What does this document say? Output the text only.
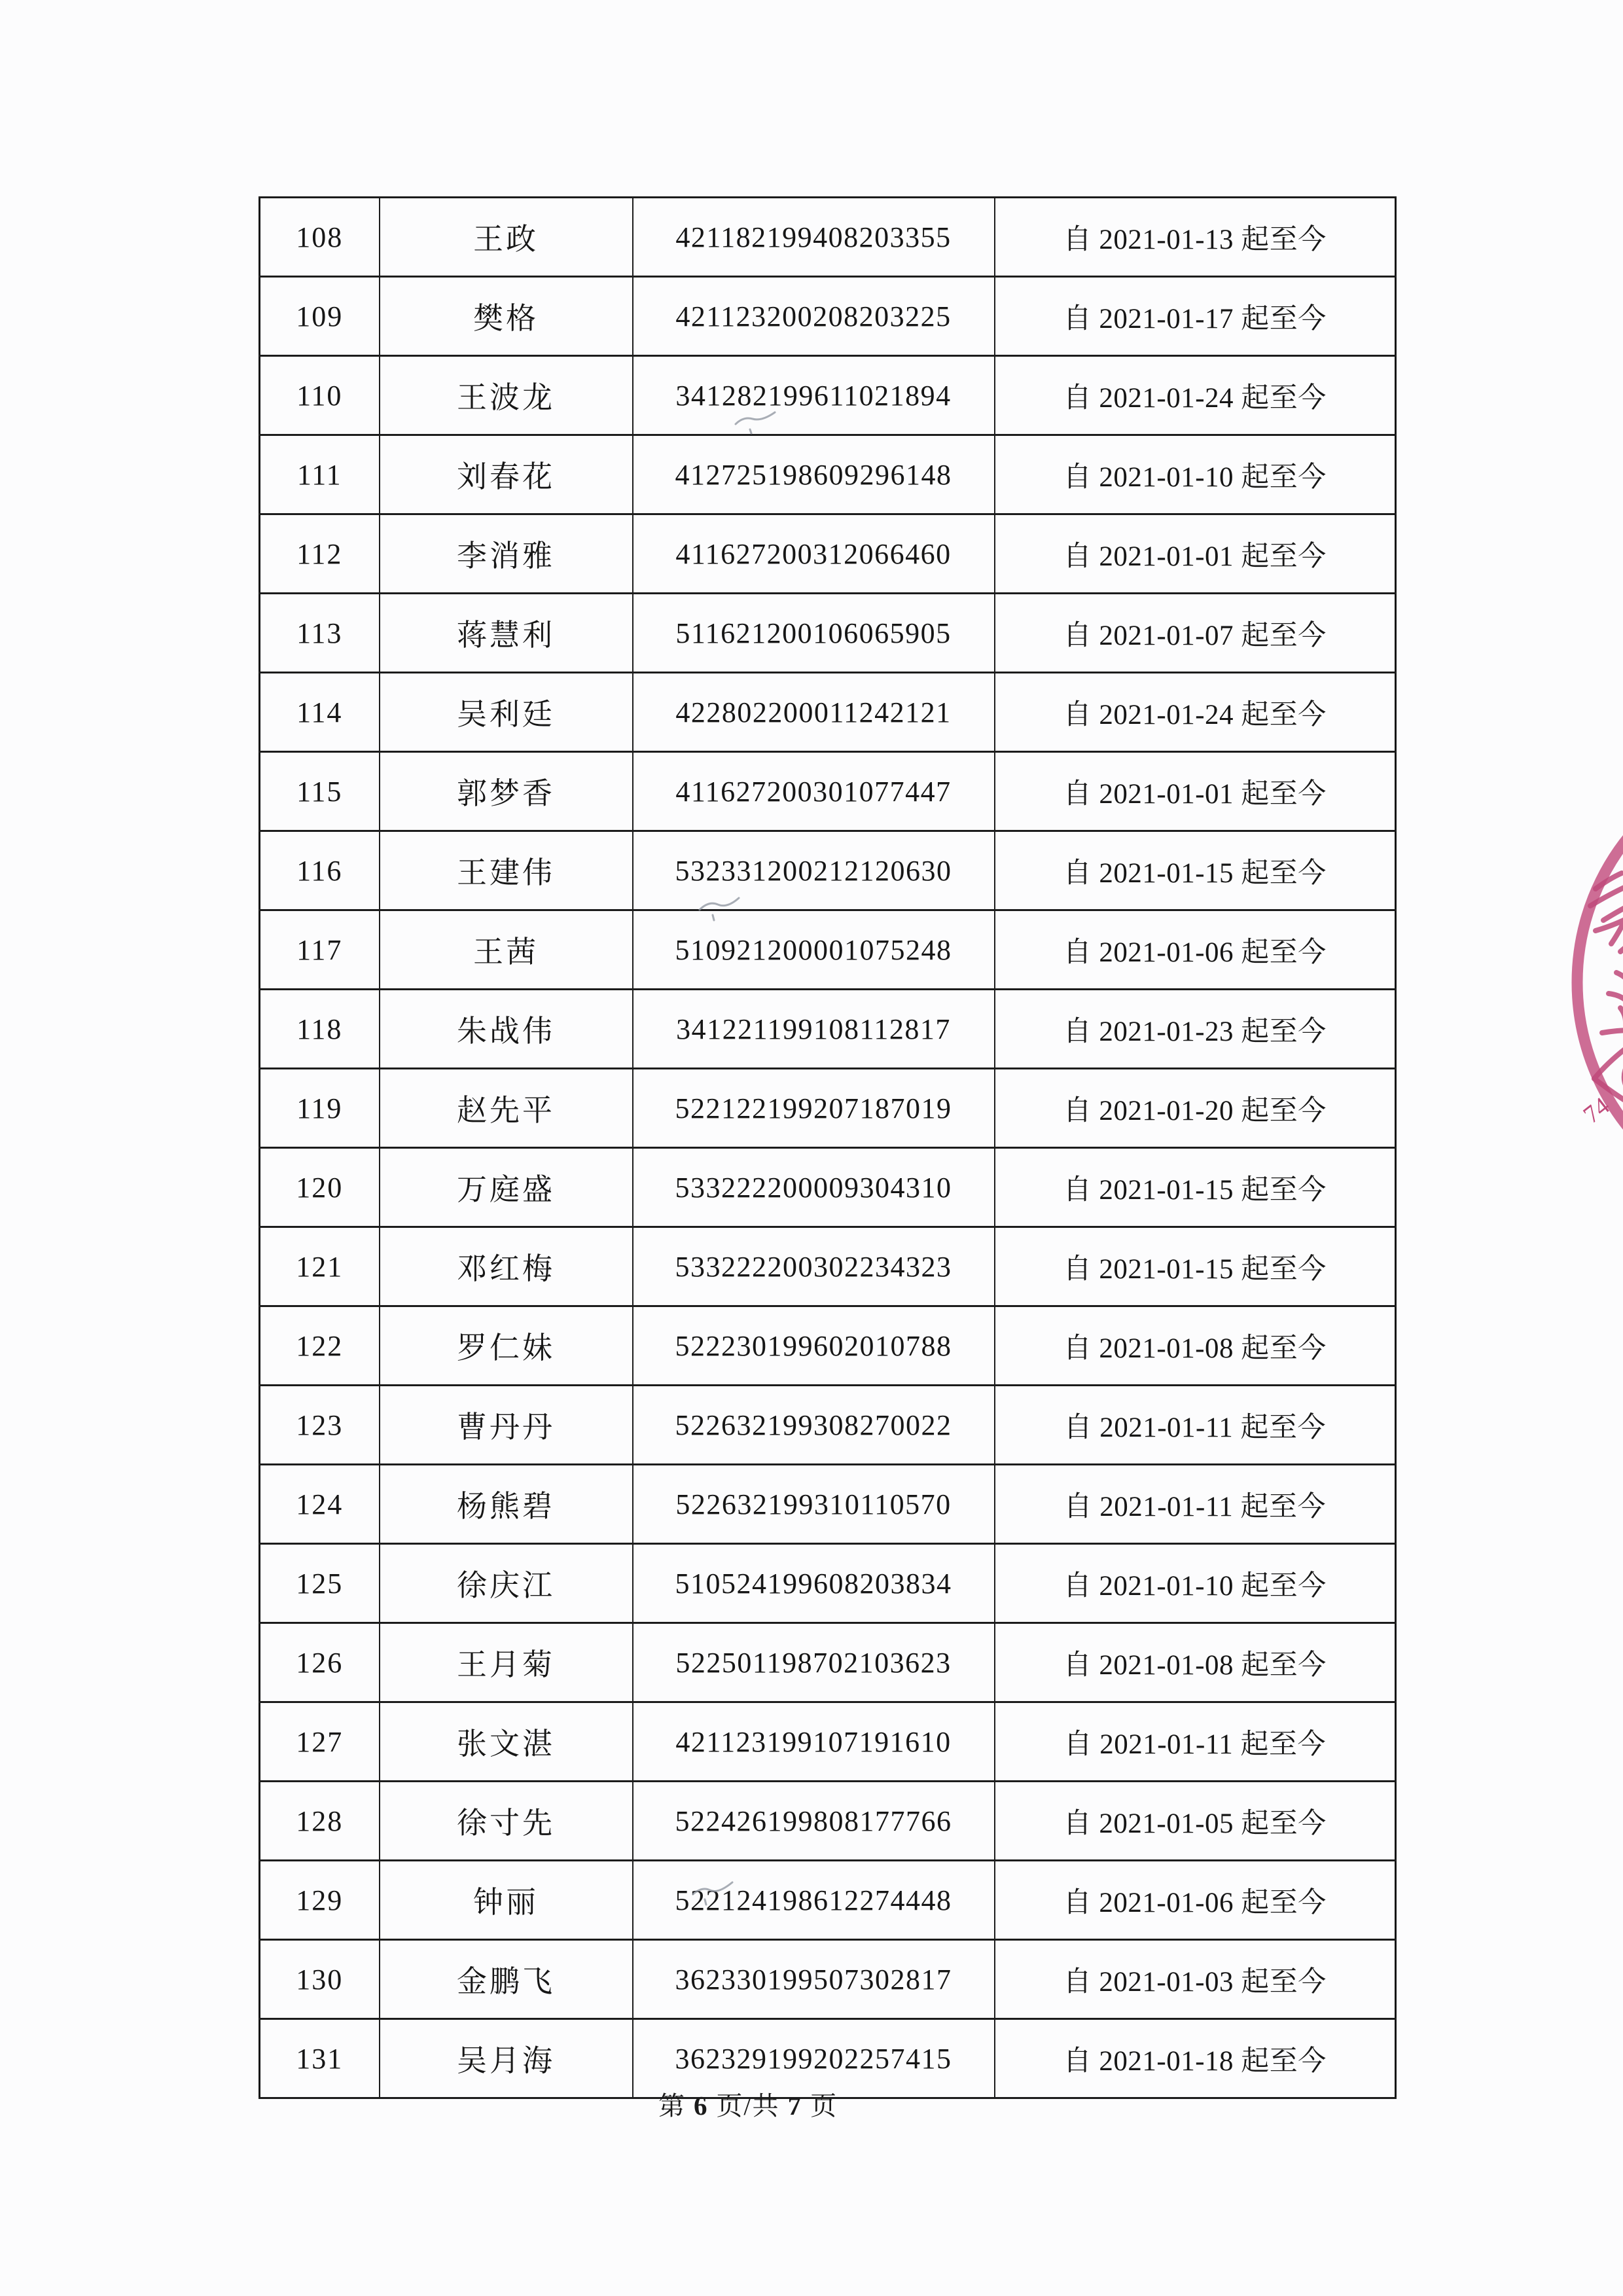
108	王政	421182199408203355	自 2021-01-13 起至今
109	樊格	421123200208203225	自 2021-01-17 起至今
110	王波龙	341282199611021894	自 2021-01-24 起至今
111	刘春花	412725198609296148	自 2021-01-10 起至今
112	李消雅	411627200312066460	自 2021-01-01 起至今
113	蒋慧利	511621200106065905	自 2021-01-07 起至今
114	吴利廷	422802200011242121	自 2021-01-24 起至今
115	郭梦香	411627200301077447	自 2021-01-01 起至今
116	王建伟	532331200212120630	自 2021-01-15 起至今
117	王茜	510921200001075248	自 2021-01-06 起至今
118	朱战伟	341221199108112817	自 2021-01-23 起至今
119	赵先平	522122199207187019	自 2021-01-20 起至今
120	万庭盛	533222200009304310	自 2021-01-15 起至今
121	邓红梅	533222200302234323	自 2021-01-15 起至今
122	罗仁妹	522230199602010788	自 2021-01-08 起至今
123	曹丹丹	522632199308270022	自 2021-01-11 起至今
124	杨熊碧	522632199310110570	自 2021-01-11 起至今
125	徐庆江	510524199608203834	自 2021-01-10 起至今
126	王月菊	522501198702103623	自 2021-01-08 起至今
127	张文湛	421123199107191610	自 2021-01-11 起至今
128	徐寸先	522426199808177766	自 2021-01-05 起至今
129	钟丽	522124198612274448	自 2021-01-06 起至今
130	金鹏飞	362330199507302817	自 2021-01-03 起至今
131	吴月海	362329199202257415	自 2021-01-18 起至今
第 6 页/共 7 页
74
